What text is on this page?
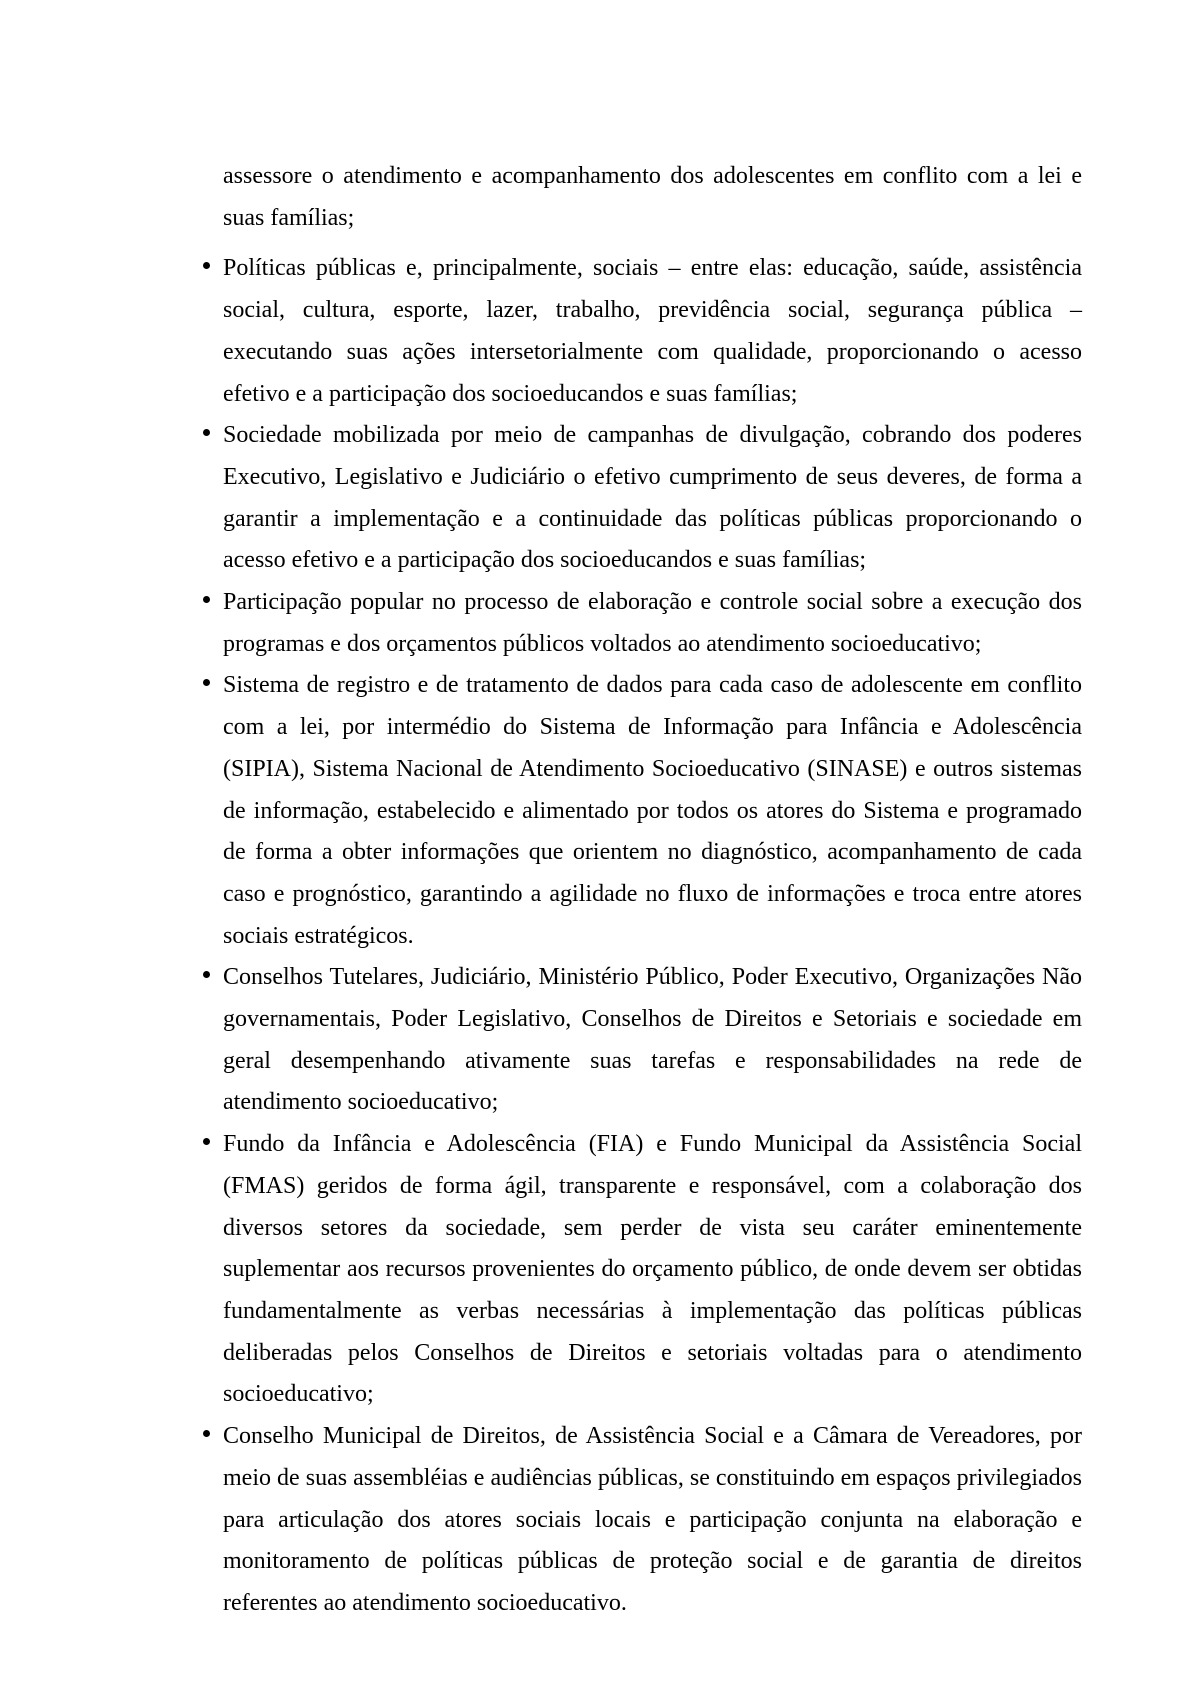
assessore o atendimento e acompanhamento dos adolescentes em conflito com a lei e suas famílias;

Políticas públicas e, principalmente, sociais – entre elas: educação, saúde, assistência social, cultura, esporte, lazer, trabalho, previdência social, segurança pública – executando suas ações intersetorialmente com qualidade, proporcionando o acesso efetivo e a participação dos socioeducandos e suas famílias;
Sociedade mobilizada por meio de campanhas de divulgação, cobrando dos poderes Executivo, Legislativo e Judiciário o efetivo cumprimento de seus deveres, de forma a garantir a implementação e a continuidade das políticas públicas proporcionando o acesso efetivo e a participação dos socioeducandos e suas famílias;
Participação popular no processo de elaboração e controle social sobre a execução dos programas e dos orçamentos públicos voltados ao atendimento socioeducativo;
Sistema de registro e de tratamento de dados para cada caso de adolescente em conflito com a lei, por intermédio do Sistema de Informação para Infância e Adolescência (SIPIA), Sistema Nacional de Atendimento Socioeducativo (SINASE) e outros sistemas de informação, estabelecido e alimentado por todos os atores do Sistema e programado de forma a obter informações que orientem no diagnóstico, acompanhamento de cada caso e prognóstico, garantindo a agilidade no fluxo de informações e troca entre atores sociais estratégicos.
Conselhos Tutelares, Judiciário, Ministério Público, Poder Executivo, Organizações Não governamentais, Poder Legislativo, Conselhos de Direitos e Setoriais e sociedade em geral desempenhando ativamente suas tarefas e responsabilidades na rede de atendimento socioeducativo;
Fundo da Infância e Adolescência (FIA) e Fundo Municipal da Assistência Social (FMAS) geridos de forma ágil, transparente e responsável, com a colaboração dos diversos setores da sociedade, sem perder de vista seu caráter eminentemente suplementar aos recursos provenientes do orçamento público, de onde devem ser obtidas fundamentalmente as verbas necessárias à implementação das políticas públicas deliberadas pelos Conselhos de Direitos e setoriais voltadas para o atendimento socioeducativo;
Conselho Municipal de Direitos, de Assistência Social e a Câmara de Vereadores, por meio de suas assembléias e audiências públicas, se constituindo em espaços privilegiados para articulação dos atores sociais locais e participação conjunta na elaboração e monitoramento de políticas públicas de proteção social e de garantia de direitos referentes ao atendimento socioeducativo.
